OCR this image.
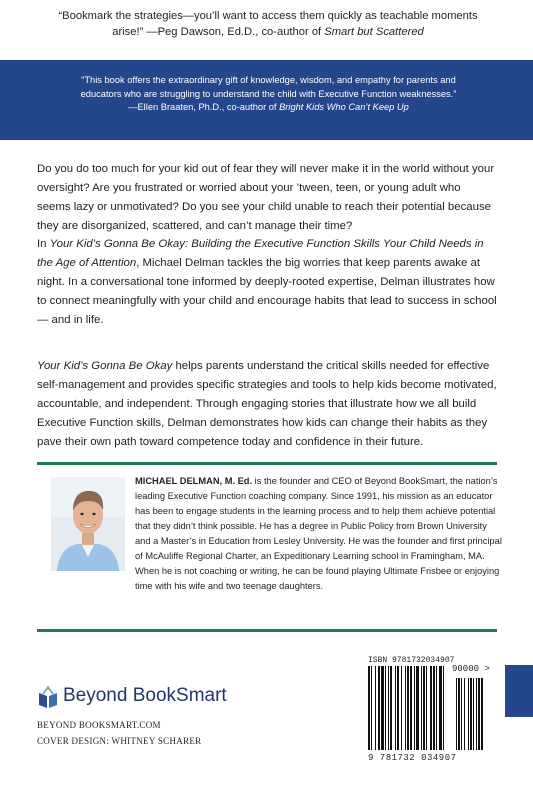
“Bookmark the strategies—you’ll want to access them quickly as teachable moments arise!” —Peg Dawson, Ed.D., co-author of Smart but Scattered
“This book offers the extraordinary gift of knowledge, wisdom, and empathy for parents and
educators who are struggling to understand the child with Executive Function weaknesses.”
—Ellen Braaten, Ph.D., co-author of Bright Kids Who Can’t Keep Up
Do you do too much for your kid out of fear they will never make it in the world without your oversight? Are you frustrated or worried about your ’tween, teen, or young adult who seems lazy or unmotivated? Do you see your child unable to reach their potential because they are disorganized, scattered, and can’t manage their time?
In Your Kid’s Gonna Be Okay: Building the Executive Function Skills Your Child Needs in the Age of Attention, Michael Delman tackles the big worries that keep parents awake at night. In a conversational tone informed by deeply-rooted expertise, Delman illustrates how to connect meaningfully with your child and encourage habits that lead to success in school — and in life.
Your Kid’s Gonna Be Okay helps parents understand the critical skills needed for effective self-management and provides specific strategies and tools to help kids become motivated, accountable, and independent. Through engaging stories that illustrate how we all build Executive Function skills, Delman demonstrates how kids can change their habits as they pave their own path toward competence today and confidence in their future.
MICHAEL DELMAN, M. Ed. is the founder and CEO of Beyond BookSmart, the nation’s leading Executive Function coaching company. Since 1991, his mission as an educator has been to engage students in the learning process and to help them achieve potential that they didn’t think possible. He has a degree in Public Policy from Brown University and a Master’s in Education from Lesley University. He was the founder and first principal of McAuliffe Regional Charter, an Expeditionary Learning school in Framingham, MA. When he is not coaching or writing, he can be found playing Ultimate Frisbee or enjoying time with his wife and two teenage daughters.
Beyond BookSmart
BEYOND BOOKSMART.COM
COVER DESIGN: WHITNEY SCHARER
ISBN 9781732034907
9 781732 034907
90000 >
